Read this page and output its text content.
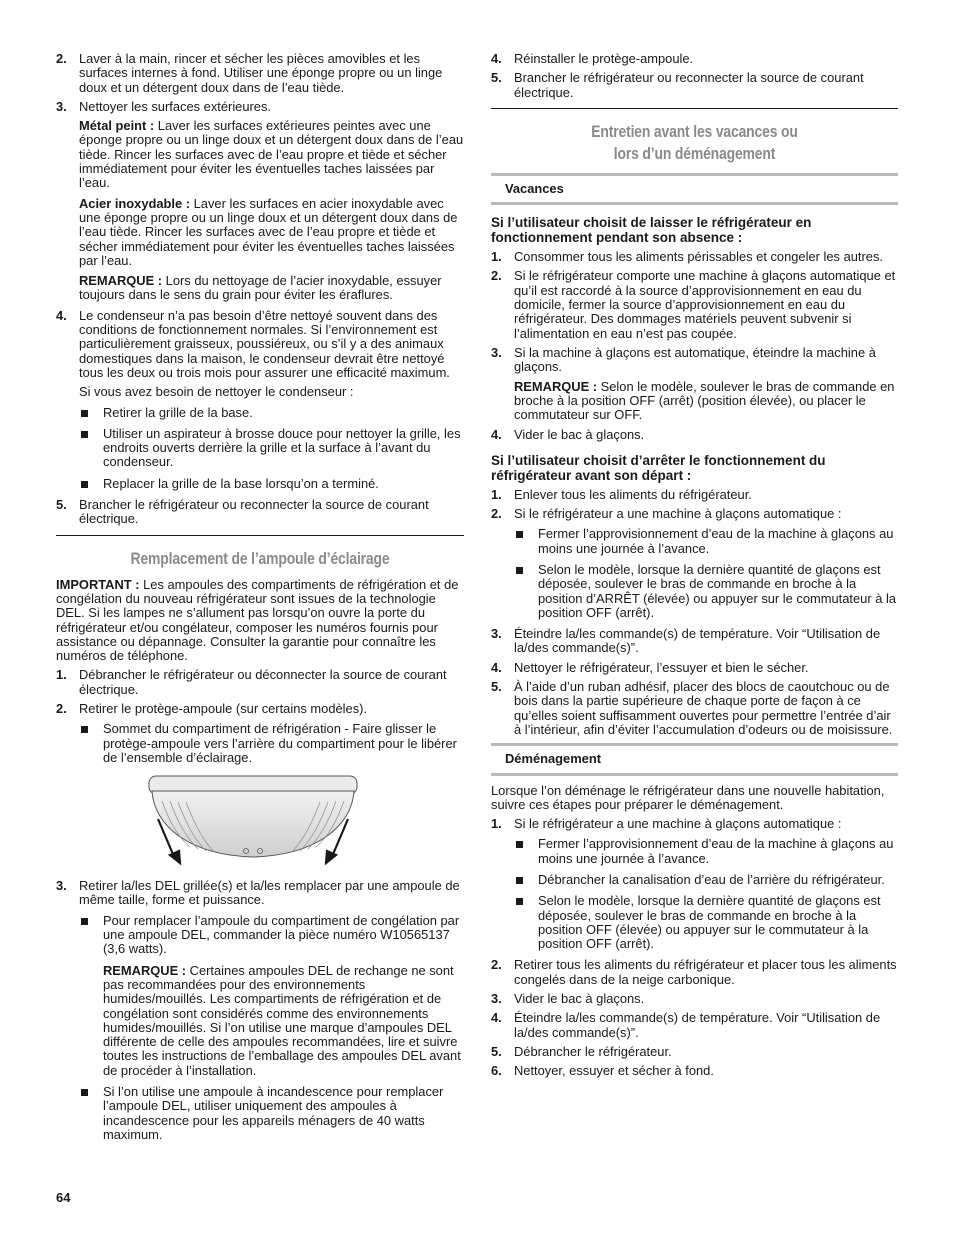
2. Laver à la main, rincer et sécher les pièces amovibles et les surfaces internes à fond. Utiliser une éponge propre ou un linge doux et un détergent doux dans de l’eau tiède.
3. Nettoyer les surfaces extérieures.

Métal peint : Laver les surfaces extérieures peintes avec une éponge propre ou un linge doux et un détergent doux dans de l’eau tiède. Rincer les surfaces avec de l’eau propre et tiède et sécher immédiatement pour éviter les éventuelles taches laissées par l’eau.

Acier inoxydable : Laver les surfaces en acier inoxydable avec une éponge propre ou un linge doux et un détergent doux dans de l’eau tiède. Rincer les surfaces avec de l’eau propre et tiède et sécher immédiatement pour éviter les éventuelles taches laissées par l’eau.

REMARQUE : Lors du nettoyage de l’acier inoxydable, essuyer toujours dans le sens du grain pour éviter les éraflures.

4. Le condenseur n’a pas besoin d’être nettoyé souvent dans des conditions de fonctionnement normales. Si l’environnement est particulièrement graisseux, poussiéreux, ou s’il y a des animaux domestiques dans la maison, le condenseur devrait être nettoyé tous les deux ou trois mois pour assurer une efficacité maximum.

Si vous avez besoin de nettoyer le condenseur :

Retirer la grille de la base.
Utiliser un aspirateur à brosse douce pour nettoyer la grille, les endroits ouverts derrière la grille et la surface à l’avant du condenseur.
Replacer la grille de la base lorsqu’on a terminé.
5. Brancher le réfrigérateur ou reconnecter la source de courant électrique.
Remplacement de l’ampoule d’éclairage

IMPORTANT : Les ampoules des compartiments de réfrigération et de congélation du nouveau réfrigérateur sont issues de la technologie DEL. Si les lampes ne s’allument pas lorsqu’on ouvre la porte du réfrigérateur et/ou congélateur, composer les numéros fournis pour assistance ou dépannage. Consulter la garantie pour connaître les numéros de téléphone.

1. Débrancher le réfrigérateur ou déconnecter la source de courant électrique.
2. Retirer le protège-ampoule (sur certains modèles).

Sommet du compartiment de réfrigération - Faire glisser le protège-ampoule vers l’arrière du compartiment pour le libérer de l’ensemble d’éclairage.
3. Retirer la/les DEL grillée(s) et la/les remplacer par une ampoule de même taille, forme et puissance.

Pour remplacer l’ampoule du compartiment de congélation par une ampoule DEL, commander la pièce numéro W10565137 (3,6 watts).

REMARQUE : Certaines ampoules DEL de rechange ne sont pas recommandées pour des environnements humides/mouillés. Les compartiments de réfrigération et de congélation sont considérés comme des environnements humides/mouillés. Si l’on utilise une marque d’ampoules DEL différente de celle des ampoules recommandées, lire et suivre toutes les instructions de l’emballage des ampoules DEL avant de procéder à l’installation.

Si l’on utilise une ampoule à incandescence pour remplacer l’ampoule DEL, utiliser uniquement des ampoules à incandescence pour les appareils ménagers de 40 watts maximum.
4. Réinstaller le protège-ampoule.
5. Brancher le réfrigérateur ou reconnecter la source de courant électrique.
Entretien avant les vacances ou
lors d’un déménagement
Vacances
Si l’utilisateur choisit de laisser le réfrigérateur en fonctionnement pendant son absence :
1. Consommer tous les aliments périssables et congeler les autres.
2. Si le réfrigérateur comporte une machine à glaçons automatique et qu’il est raccordé à la source d’approvisionnement en eau du domicile, fermer la source d’approvisionnement en eau du réfrigérateur. Des dommages matériels peuvent subvenir si l’alimentation en eau n’est pas coupée.
3. Si la machine à glaçons est automatique, éteindre la machine à glaçons.

REMARQUE : Selon le modèle, soulever le bras de commande en broche à la position OFF (arrêt) (position élevée), ou placer le commutateur sur OFF.

4. Vider le bac à glaçons.
Si l’utilisateur choisit d’arrêter le fonctionnement du réfrigérateur avant son départ :
1. Enlever tous les aliments du réfrigérateur.
2. Si le réfrigérateur a une machine à glaçons automatique :
Fermer l’approvisionnement d’eau de la machine à glaçons au moins une journée à l’avance.
Selon le modèle, lorsque la dernière quantité de glaçons est déposée, soulever le bras de commande en broche à la position d’ARRÊT (élevée) ou appuyer sur le commutateur à la position OFF (arrêt).
3. Éteindre la/les commande(s) de température. Voir “Utilisation de la/des commande(s)”.
4. Nettoyer le réfrigérateur, l’essuyer et bien le sécher.
5. À l’aide d’un ruban adhésif, placer des blocs de caoutchouc ou de bois dans la partie supérieure de chaque porte de façon à ce qu’elles soient suffisamment ouvertes pour permettre l’entrée d’air à l’intérieur, afin d’éviter l’accumulation d’odeurs ou de moisissure.
Déménagement

Lorsque l’on déménage le réfrigérateur dans une nouvelle habitation, suivre ces étapes pour préparer le déménagement.

1. Si le réfrigérateur a une machine à glaçons automatique :
Fermer l’approvisionnement d’eau de la machine à glaçons au moins une journée à l’avance.
Débrancher la canalisation d’eau de l’arrière du réfrigérateur.
Selon le modèle, lorsque la dernière quantité de glaçons est déposée, soulever le bras de commande en broche à la position OFF (élevée) ou appuyer sur le commutateur à la position OFF (arrêt).
2. Retirer tous les aliments du réfrigérateur et placer tous les aliments congelés dans de la neige carbonique.
3. Vider le bac à glaçons.
4. Éteindre la/les commande(s) de température. Voir “Utilisation de la/des commande(s)”.
5. Débrancher le réfrigérateur.
6. Nettoyer, essuyer et sécher à fond.
64
